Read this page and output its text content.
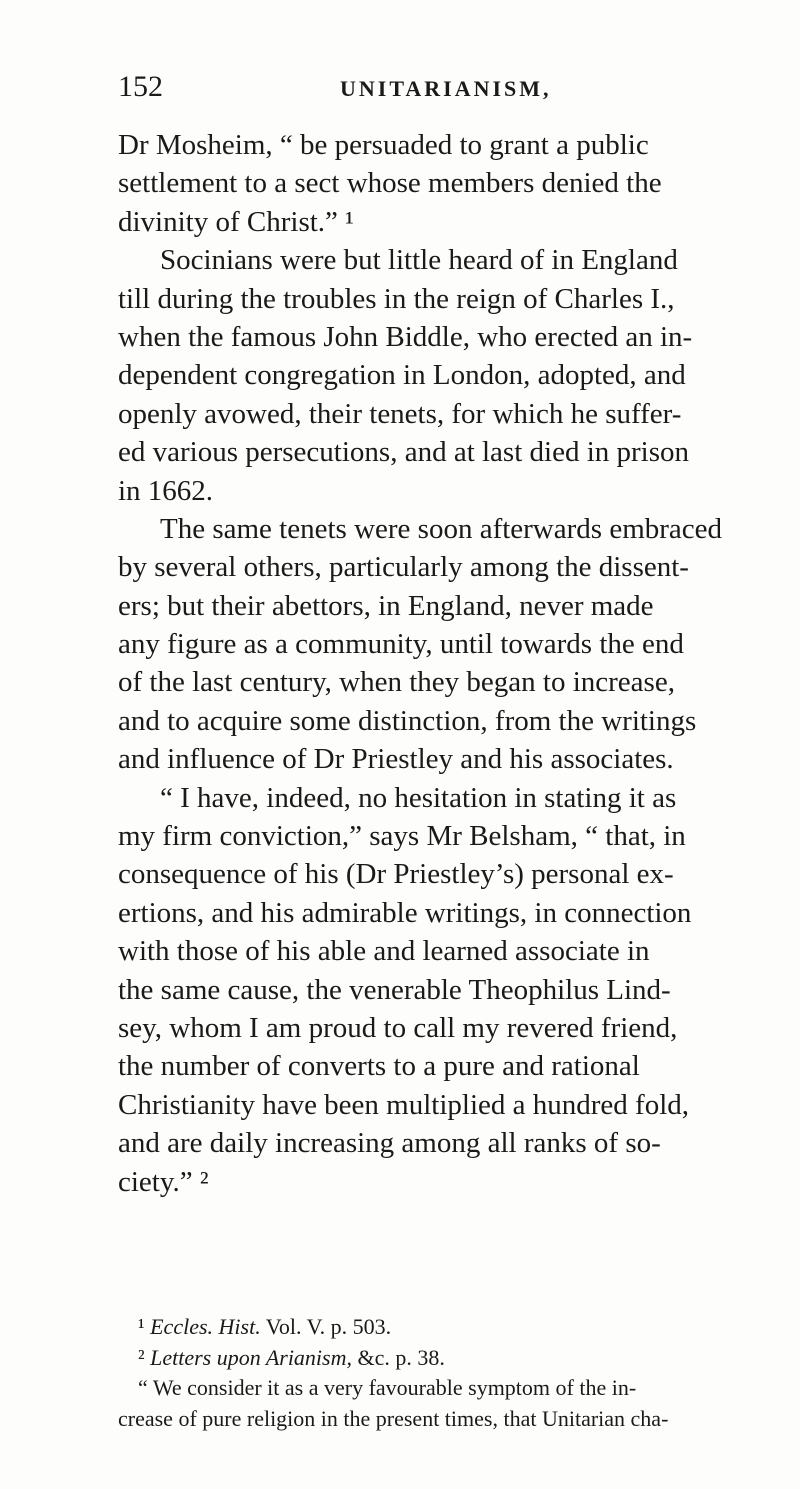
152	UNITARIANISM,
Dr Mosheim, “ be persuaded to grant a public
settlement to a sect whose members denied the
divinity of Christ.” ¹
Socinians were but little heard of in England
till during the troubles in the reign of Charles I.,
when the famous John Biddle, who erected an in-
dependent congregation in London, adopted, and
openly avowed, their tenets, for which he suffer-
ed various persecutions, and at last died in prison
in 1662.
The same tenets were soon afterwards embraced
by several others, particularly among the dissent-
ers; but their abettors, in England, never made
any figure as a community, until towards the end
of the last century, when they began to increase,
and to acquire some distinction, from the writings
and influence of Dr Priestley and his associates.
“ I have, indeed, no hesitation in stating it as
my firm conviction,” says Mr Belsham, “ that, in
consequence of his (Dr Priestley’s) personal ex-
ertions, and his admirable writings, in connection
with those of his able and learned associate in
the same cause, the venerable Theophilus Lind-
sey, whom I am proud to call my revered friend,
the number of converts to a pure and rational
Christianity have been multiplied a hundred fold,
and are daily increasing among all ranks of so-
ciety.” ²
¹ Eccles. Hist. Vol. V. p. 503.
² Letters upon Arianism, &c. p. 38.
“ We consider it as a very favourable symptom of the in-
crease of pure religion in the present times, that Unitarian cha-
